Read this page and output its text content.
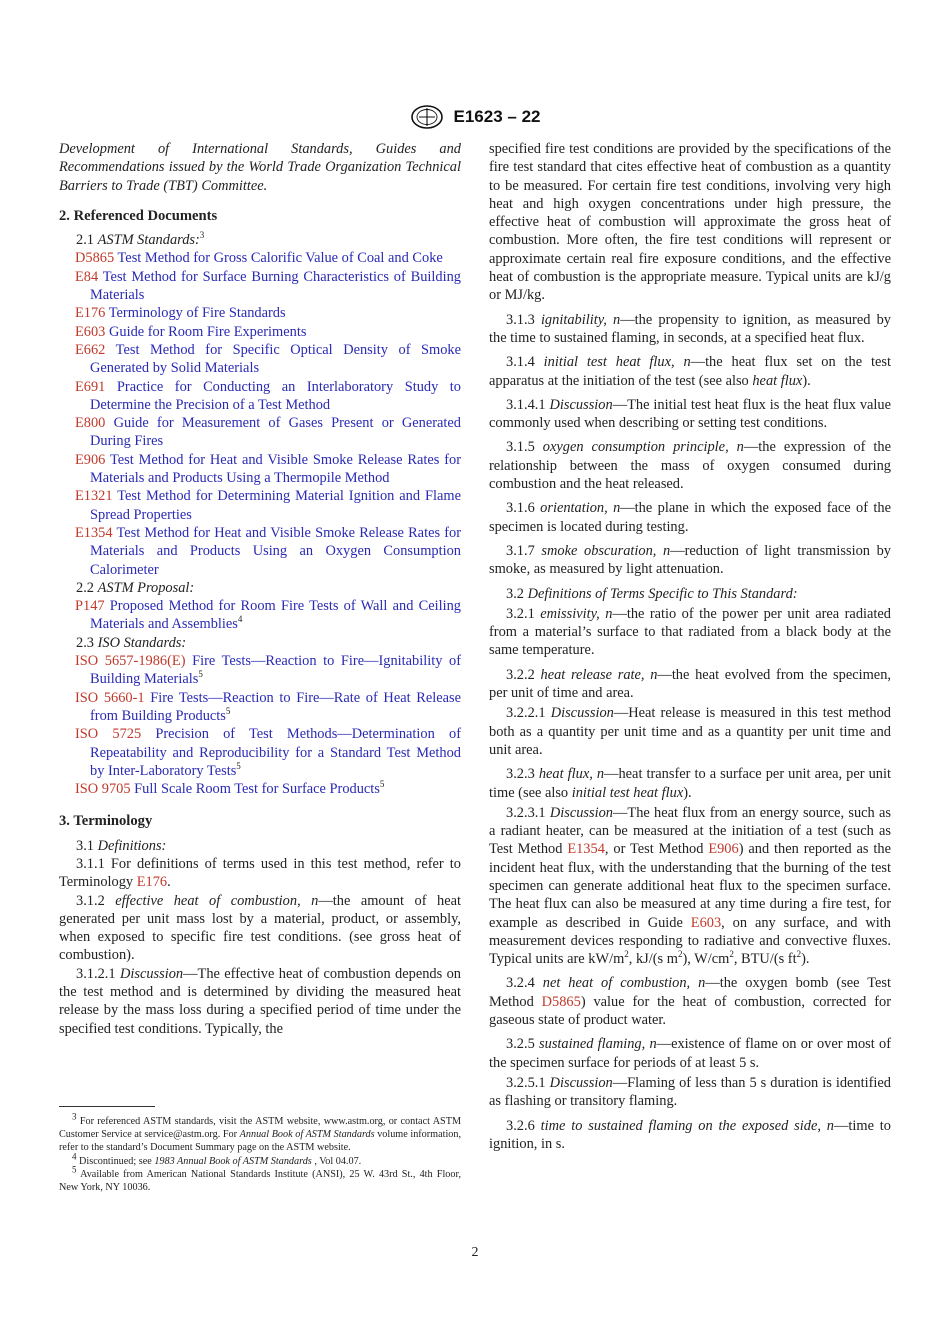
E1623 – 22

Development of International Standards, Guides and Recommendations issued by the World Trade Organization Technical Barriers to Trade (TBT) Committee.

2. Referenced Documents

2.1 ASTM Standards:$^3$

D5865 Test Method for Gross Calorific Value of Coal and Coke

E84 Test Method for Surface Burning Characteristics of Building Materials

E176 Terminology of Fire Standards

E603 Guide for Room Fire Experiments

E662 Test Method for Specific Optical Density of Smoke Generated by Solid Materials

E691 Practice for Conducting an Interlaboratory Study to Determine the Precision of a Test Method

E800 Guide for Measurement of Gases Present or Generated During Fires

E906 Test Method for Heat and Visible Smoke Release Rates for Materials and Products Using a Thermopile Method

E1321 Test Method for Determining Material Ignition and Flame Spread Properties

E1354 Test Method for Heat and Visible Smoke Release Rates for Materials and Products Using an Oxygen Consumption Calorimeter

2.2 ASTM Proposal:

P147 Proposed Method for Room Fire Tests of Wall and Ceiling Materials and Assemblies$^4$

2.3 ISO Standards:

ISO 5657-1986(E) Fire Tests—Reaction to Fire—Ignitability of Building Materials$^5$

ISO 5660-1 Fire Tests—Reaction to Fire—Rate of Heat Release from Building Products$^5$

ISO 5725 Precision of Test Methods—Determination of Repeatability and Reproducibility for a Standard Test Method by Inter-Laboratory Tests$^5$

ISO 9705 Full Scale Room Test for Surface Products$^5$

3. Terminology

3.1 Definitions:

3.1.1 For definitions of terms used in this test method, refer to Terminology E176.

3.1.2 effective heat of combustion, n—the amount of heat generated per unit mass lost by a material, product, or assembly, when exposed to specific fire test conditions. (see gross heat of combustion).

3.1.2.1 Discussion—The effective heat of combustion depends on the test method and is determined by dividing the measured heat release by the mass loss during a specified period of time under the specified test conditions. Typically, the

specified fire test conditions are provided by the specifications of the fire test standard that cites effective heat of combustion as a quantity to be measured. For certain fire test conditions, involving very high heat and high oxygen concentrations under high pressure, the effective heat of combustion will approximate the gross heat of combustion. More often, the fire test conditions will represent or approximate certain real fire exposure conditions, and the effective heat of combustion is the appropriate measure. Typical units are kJ/g or MJ/kg.

3.1.3 ignitability, n—the propensity to ignition, as measured by the time to sustained flaming, in seconds, at a specified heat flux.

3.1.4 initial test heat flux, n—the heat flux set on the test apparatus at the initiation of the test (see also heat flux).

3.1.4.1 Discussion—The initial test heat flux is the heat flux value commonly used when describing or setting test conditions.

3.1.5 oxygen consumption principle, n—the expression of the relationship between the mass of oxygen consumed during combustion and the heat released.

3.1.6 orientation, n—the plane in which the exposed face of the specimen is located during testing.

3.1.7 smoke obscuration, n—reduction of light transmission by smoke, as measured by light attenuation.

3.2 Definitions of Terms Specific to This Standard:

3.2.1 emissivity, n—the ratio of the power per unit area radiated from a material’s surface to that radiated from a black body at the same temperature.

3.2.2 heat release rate, n—the heat evolved from the specimen, per unit of time and area.

3.2.2.1 Discussion—Heat release is measured in this test method both as a quantity per unit time and as a quantity per unit time and unit area.

3.2.3 heat flux, n—heat transfer to a surface per unit area, per unit time (see also initial test heat flux).

3.2.3.1 Discussion—The heat flux from an energy source, such as a radiant heater, can be measured at the initiation of a test (such as Test Method E1354, or Test Method E906) and then reported as the incident heat flux, with the understanding that the burning of the test specimen can generate additional heat flux to the specimen surface. The heat flux can also be measured at any time during a fire test, for example as described in Guide E603, on any surface, and with measurement devices responding to radiative and convective fluxes. Typical units are $kW/m^2$, kJ/(s $m^2$), $W/cm^2$, BTU/(s $ft^2$).

3.2.4 net heat of combustion, n—the oxygen bomb (see Test Method D5865) value for the heat of combustion, corrected for gaseous state of product water.

3.2.5 sustained flaming, n—existence of flame on or over most of the specimen surface for periods of at least 5 s.

3.2.5.1 Discussion—Flaming of less than 5 s duration is identified as flashing or transitory flaming.

3.2.6 time to sustained flaming on the exposed side, n—time to ignition, in s.

$^3$ For referenced ASTM standards, visit the ASTM website, www.astm.org, or contact ASTM Customer Service at service@astm.org. For Annual Book of ASTM Standards volume information, refer to the standard’s Document Summary page on the ASTM website.

$^4$ Discontinued; see 1983 Annual Book of ASTM Standards , Vol 04.07.

$^5$ Available from American National Standards Institute (ANSI), 25 W. 43rd St., 4th Floor, New York, NY 10036.

2
